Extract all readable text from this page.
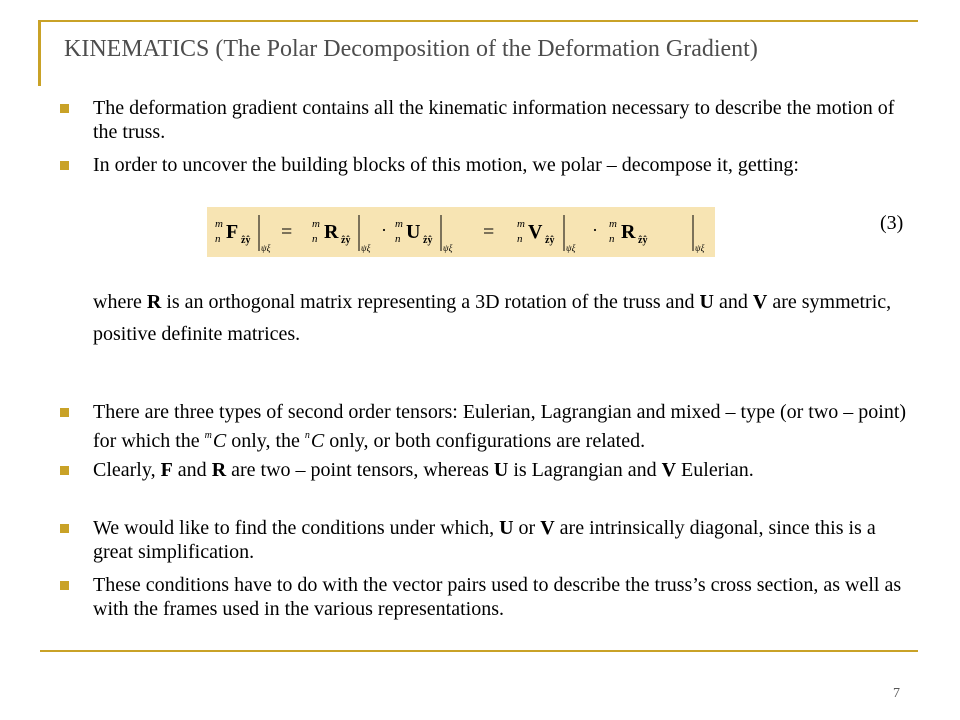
KINEMATICS (The Polar Decomposition of the Deformation Gradient)
The deformation gradient contains all the kinematic information necessary to describe the motion of the truss.
In order to uncover the building blocks of this motion, we polar – decompose it, getting:
There are three types of second order tensors: Eulerian, Lagrangian and mixed – type (or two – point) for which the $^m$C only, the $^n$C only, or both configurations are related.
Clearly, F and R are two – point tensors, whereas U is Lagrangian and V Eulerian.
We would like to find the conditions under which, U or V are intrinsically diagonal, since this is a great simplification.
These conditions have to do with the vector pairs used to describe the truss’s cross section, as well as with the frames used in the various representations.
m
n F ẑŷ
ψξ
= m
n R ẑŷ
ψξ
· m
n U ẑŷ
ψξ
= m
n V ẑŷ
ψξ
· m
n R ẑŷ
ψξ
(3)
where R is an orthogonal matrix representing a 3D rotation of the truss and U and V are symmetric, positive definite matrices.
7
